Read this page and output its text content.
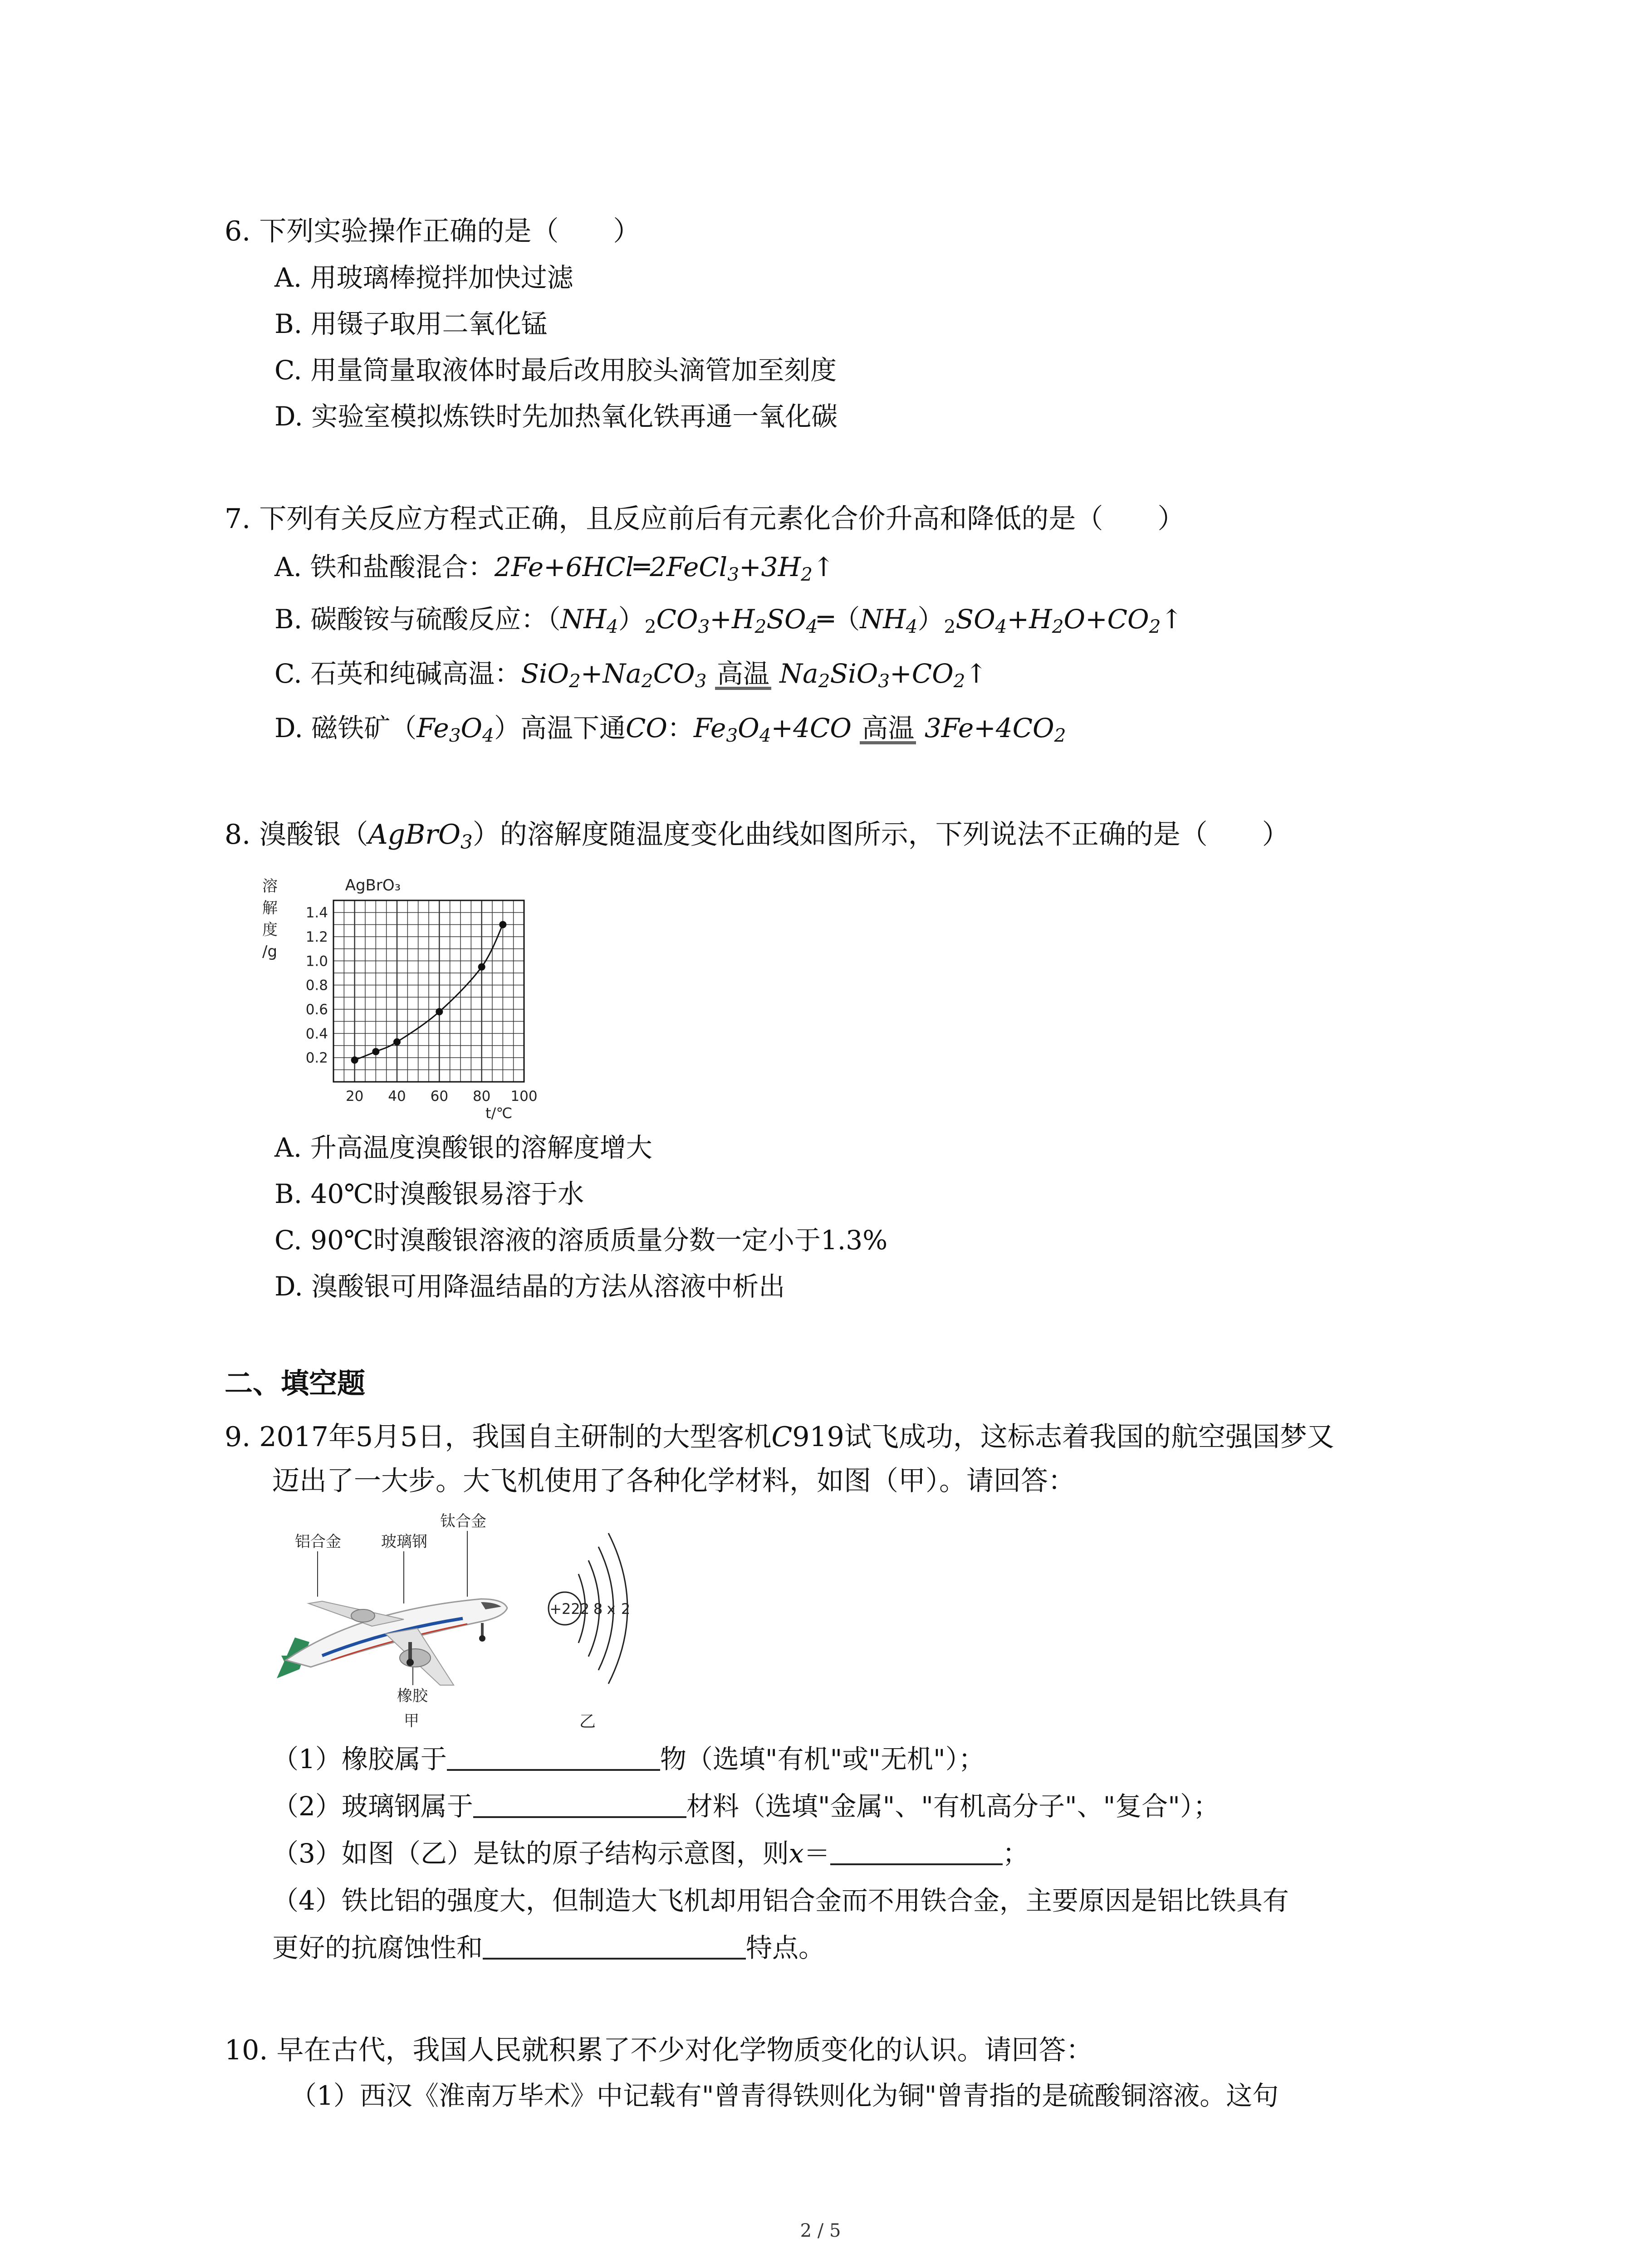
6. 下列实验操作正确的是（　　）
A. 用玻璃棒搅拌加快过滤
B. 用镊子取用二氧化锰
C. 用量筒量取液体时最后改用胶头滴管加至刻度
D. 实验室模拟炼铁时先加热氧化铁再通一氧化碳
7. 下列有关反应方程式正确，且反应前后有元素化合价升高和降低的是（　　）
A. 铁和盐酸混合：2Fe+6HCl═2FeCl3+3H2↑
B. 碳酸铵与硫酸反应：（NH4）2CO3+H2SO4═（NH4）2SO4+H2O+CO2↑
C. 石英和纯碱高温：SiO2+Na2CO3 高温 Na2SiO3+CO2↑
D. 磁铁矿（Fe3O4）高温下通CO：Fe3O4+4CO 高温 3Fe+4CO2
8. 溴酸银（AgBrO3）的溶解度随温度变化曲线如图所示，下列说法不正确的是（　　）
AgBrO₃
溶解度/g
0.2
0.4
0.6
0.8
1.0
1.2
1.4
20 40 60 80 100
t/℃
A. 升高温度溴酸银的溶解度增大
B. 40℃时溴酸银易溶于水
C. 90℃时溴酸银溶液的溶质质量分数一定小于1.3%
D. 溴酸银可用降温结晶的方法从溶液中析出
二、填空题
9. 2017年5月5日，我国自主研制的大型客机C919试飞成功，这标志着我国的航空强国梦又
迈出了一大步。大飞机使用了各种化学材料，如图（甲）。请回答：
铝合金	玻璃钢
钛合金
橡胶
甲
+22 2 8 x 2
乙
（1）橡胶属于	物（选填"有机"或"无机"）；
（2）玻璃钢属于	材料（选填"金属"、"有机高分子"、"复合"）；
（3）如图（乙）是钛的原子结构示意图，则x＝	；
（4）铁比铝的强度大，但制造大飞机却用铝合金而不用铁合金，主要原因是铝比铁具有
更好的抗腐蚀性和	特点。
10. 早在古代，我国人民就积累了不少对化学物质变化的认识。请回答：
（1）西汉《淮南万毕术》中记载有"曾青得铁则化为铜"曾青指的是硫酸铜溶液。这句
2 / 5
